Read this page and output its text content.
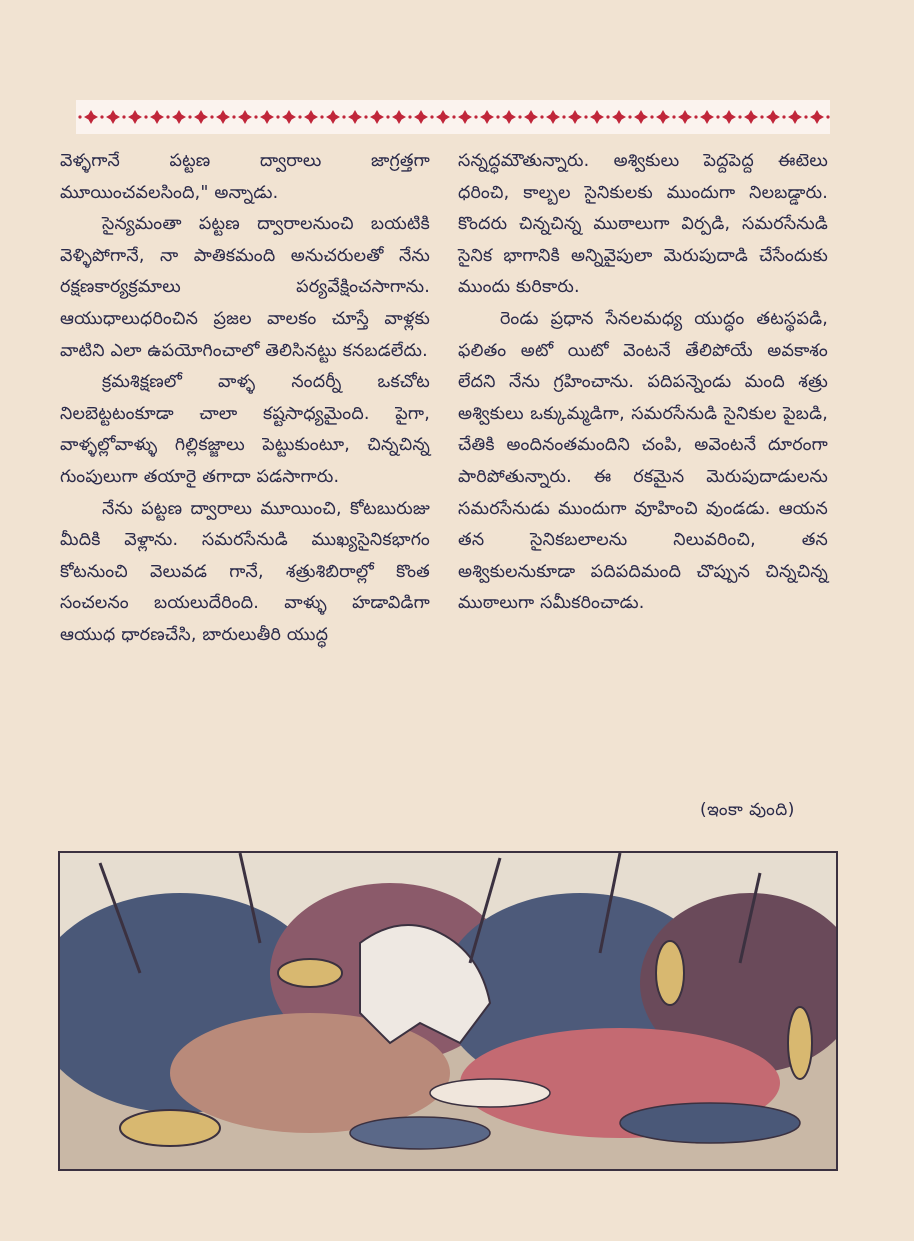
వెళ్ళగానే పట్టణ ద్వారాలు జాగ్రత్తగా మూయించవలసింది," అన్నాడు.

సైన్యమంతా పట్టణ ద్వారాలనుంచి బయటికి వెళ్ళిపోగానే, నా పాతికమంది అనుచరులతో నేను రక్షణకార్యక్రమాలు పర్యవేక్షించసాగాను. ఆయుధాలుధరించిన ప్రజల వాలకం చూస్తే వాళ్లకు వాటిని ఎలా ఉపయోగించాలో తెలిసినట్టు కనబడలేదు.

క్రమశిక్షణలో వాళ్ళ నందర్నీ ఒకచోట నిలబెట్టటంకూడా చాలా కష్టసాధ్యమైంది. పైగా, వాళ్ళల్లోవాళ్ళు గిల్లికజ్జాలు పెట్టుకుంటూ, చిన్నచిన్న గుంపులుగా తయారై తగాదా పడసాగారు.

నేను పట్టణ ద్వారాలు మూయించి, కోటబురుజు మీదికి వెళ్లాను. సమరసేనుడి ముఖ్యసైనికభాగం కోటనుంచి వెలువడ గానే, శత్రుశిబిరాల్లో కొంత సంచలనం బయలుదేరింది. వాళ్ళు హడావిడిగా ఆయుధ ధారణచేసి, బారులుతీరి యుద్ధ

సన్నద్ధమౌతున్నారు. అశ్వికులు పెద్దపెద్ద ఈటెలు ధరించి, కాల్బల సైనికులకు ముందుగా నిలబడ్డారు. కొందరు చిన్నచిన్న ముఠాలుగా విర్పడి, సమరసేనుడి సైనిక భాగానికి అన్నివైపులా మెరుపుదాడి చేసేందుకు ముందు కురికారు.

రెండు ప్రధాన సేనలమధ్య యుద్ధం తటస్థపడి, ఫలితం అటో యిటో వెంటనే తేలిపోయే అవకాశం లేదని నేను గ్రహించాను. పదిపన్నెండు మంది శత్రు అశ్వికులు ఒక్కుమ్మడిగా, సమరసేనుడి సైనికుల పైబడి, చేతికి అందినంతమందిని చంపి, అవెంటనే దూరంగా పారిపోతున్నారు. ఈ రకమైన మెరుపుదాడులను సమరసేనుడు ముందుగా వూహించి వుండడు. ఆయన తన సైనికబలాలను నిలువరించి, తన అశ్వికులనుకూడా పదిపదిమంది చొప్పున చిన్నచిన్న ముఠాలుగా సమీకరించాడు.

(ఇంకా వుంది)
